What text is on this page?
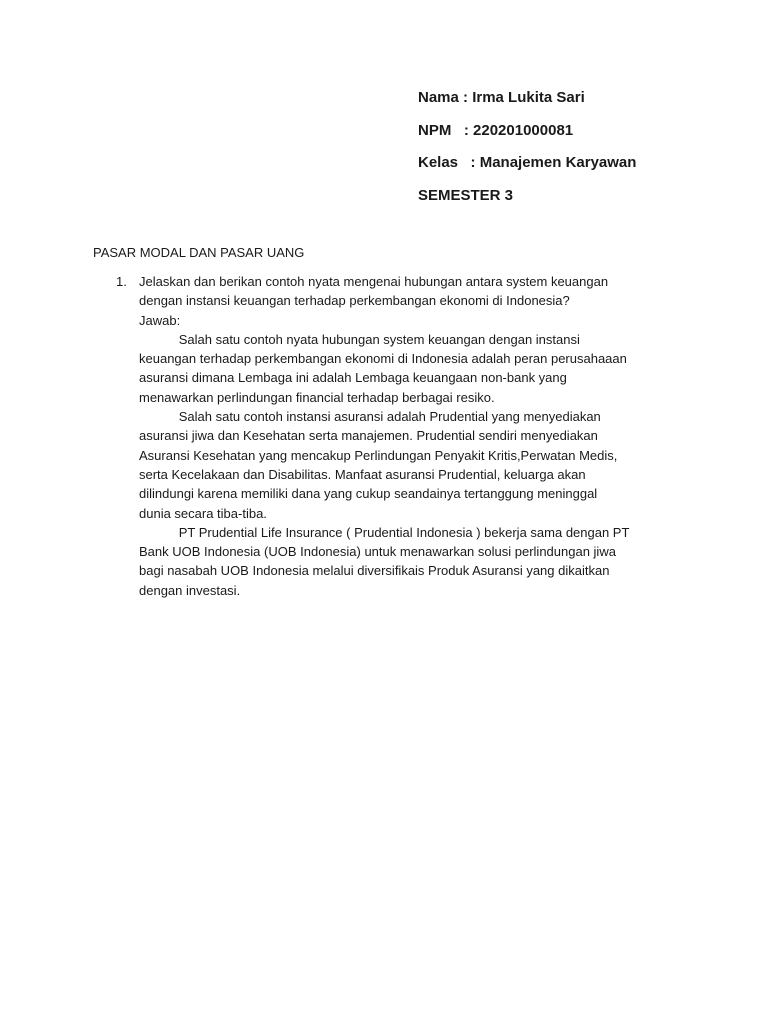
Nama : Irma Lukita Sari
NPM   : 220201000081
Kelas   : Manajemen Karyawan
SEMESTER 3
PASAR MODAL DAN PASAR UANG
1. Jelaskan dan berikan contoh nyata mengenai hubungan antara system keuangan
dengan instansi keuangan terhadap perkembangan ekonomi di Indonesia?
Jawab:
Salah satu contoh nyata hubungan system keuangan dengan instansi
keuangan terhadap perkembangan ekonomi di Indonesia adalah peran perusahaaan
asuransi dimana Lembaga ini adalah Lembaga keuangaan non-bank yang
menawarkan perlindungan financial terhadap berbagai resiko.
Salah satu contoh instansi asuransi adalah Prudential yang menyediakan
asuransi jiwa dan Kesehatan serta manajemen. Prudential sendiri menyediakan
Asuransi Kesehatan yang mencakup Perlindungan Penyakit Kritis,Perwatan Medis,
serta Kecelakaan dan Disabilitas. Manfaat asuransi Prudential, keluarga akan
dilindungi karena memiliki dana yang cukup seandainya tertanggung meninggal
dunia secara tiba-tiba.
PT Prudential Life Insurance ( Prudential Indonesia ) bekerja sama dengan PT
Bank UOB Indonesia (UOB Indonesia) untuk menawarkan solusi perlindungan jiwa
bagi nasabah UOB Indonesia melalui diversifikais Produk Asuransi yang dikaitkan
dengan investasi.
